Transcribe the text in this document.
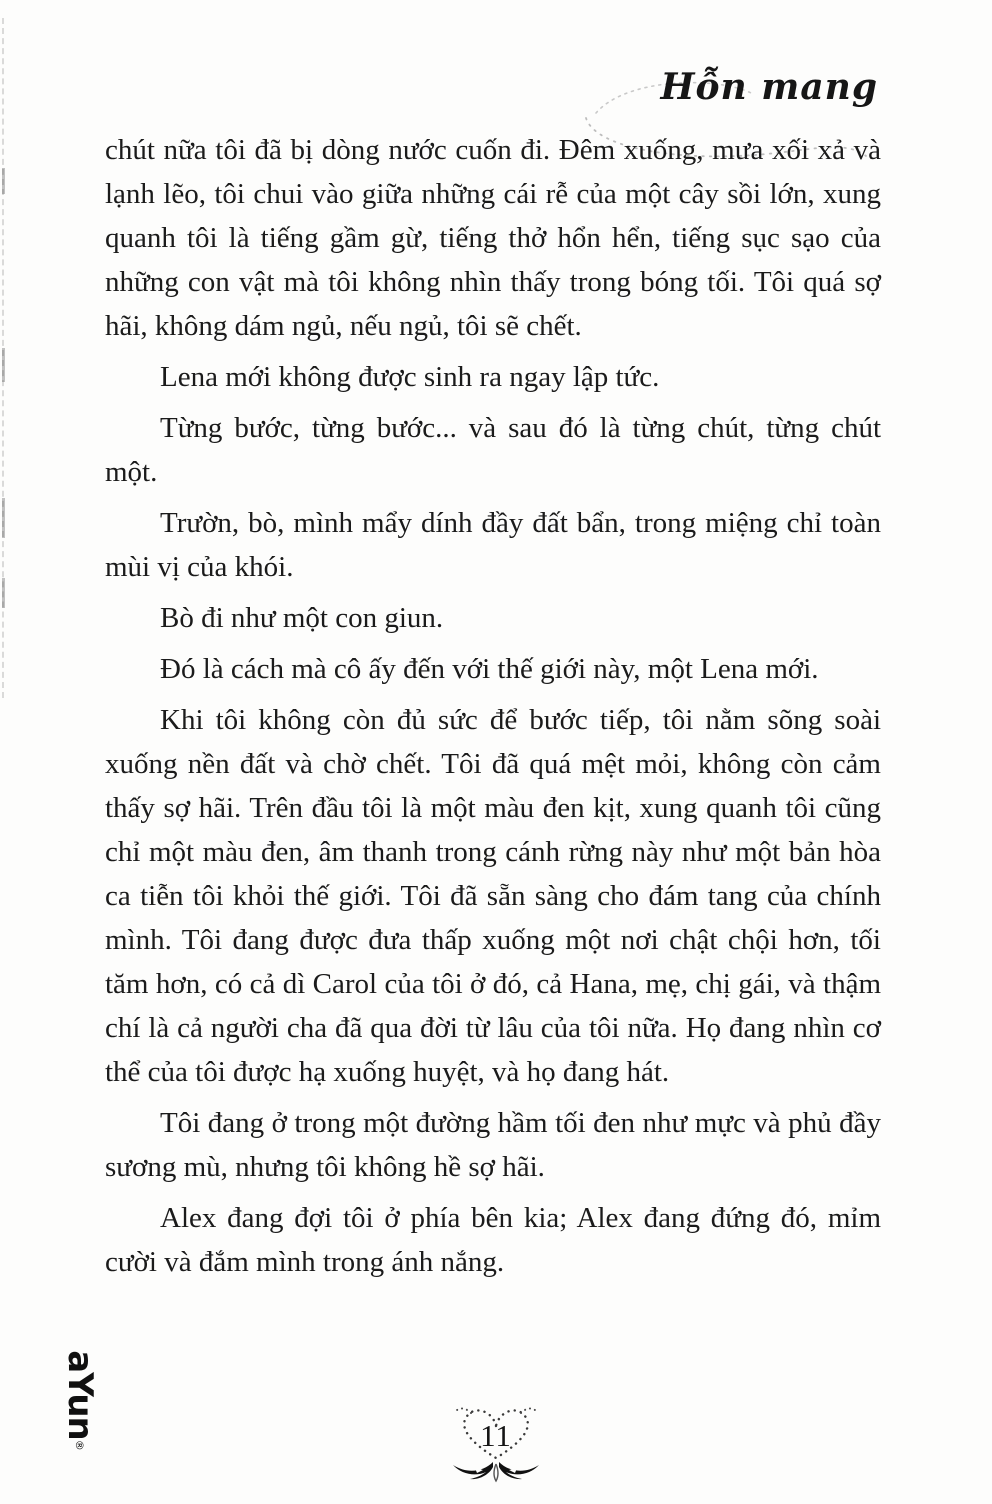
Hỗn mang

chút nữa tôi đã bị dòng nước cuốn đi. Đêm xuống, mưa xối xả và lạnh lẽo, tôi chui vào giữa những cái rễ của một cây sồi lớn, xung quanh tôi là tiếng gầm gừ, tiếng thở hổn hển, tiếng sục sạo của những con vật mà tôi không nhìn thấy trong bóng tối. Tôi quá sợ hãi, không dám ngủ, nếu ngủ, tôi sẽ chết.

Lena mới không được sinh ra ngay lập tức.

Từng bước, từng bước... và sau đó là từng chút, từng chút một.

Trườn, bò, mình mẩy dính đầy đất bẩn, trong miệng chỉ toàn mùi vị của khói.

Bò đi như một con giun.

Đó là cách mà cô ấy đến với thế giới này, một Lena mới.

Khi tôi không còn đủ sức để bước tiếp, tôi nằm sõng soài xuống nền đất và chờ chết. Tôi đã quá mệt mỏi, không còn cảm thấy sợ hãi. Trên đầu tôi là một màu đen kịt, xung quanh tôi cũng chỉ một màu đen, âm thanh trong cánh rừng này như một bản hòa ca tiễn tôi khỏi thế giới. Tôi đã sẵn sàng cho đám tang của chính mình. Tôi đang được đưa thấp xuống một nơi chật chội hơn, tối tăm hơn, có cả dì Carol của tôi ở đó, cả Hana, mẹ, chị gái, và thậm chí là cả người cha đã qua đời từ lâu của tôi nữa. Họ đang nhìn cơ thể của tôi được hạ xuống huyệt, và họ đang hát.

Tôi đang ở trong một đường hầm tối đen như mực và phủ đầy sương mù, nhưng tôi không hề sợ hãi.

Alex đang đợi tôi ở phía bên kia; Alex đang đứng đó, mỉm cười và đắm mình trong ánh nắng.

11
aYun
®
